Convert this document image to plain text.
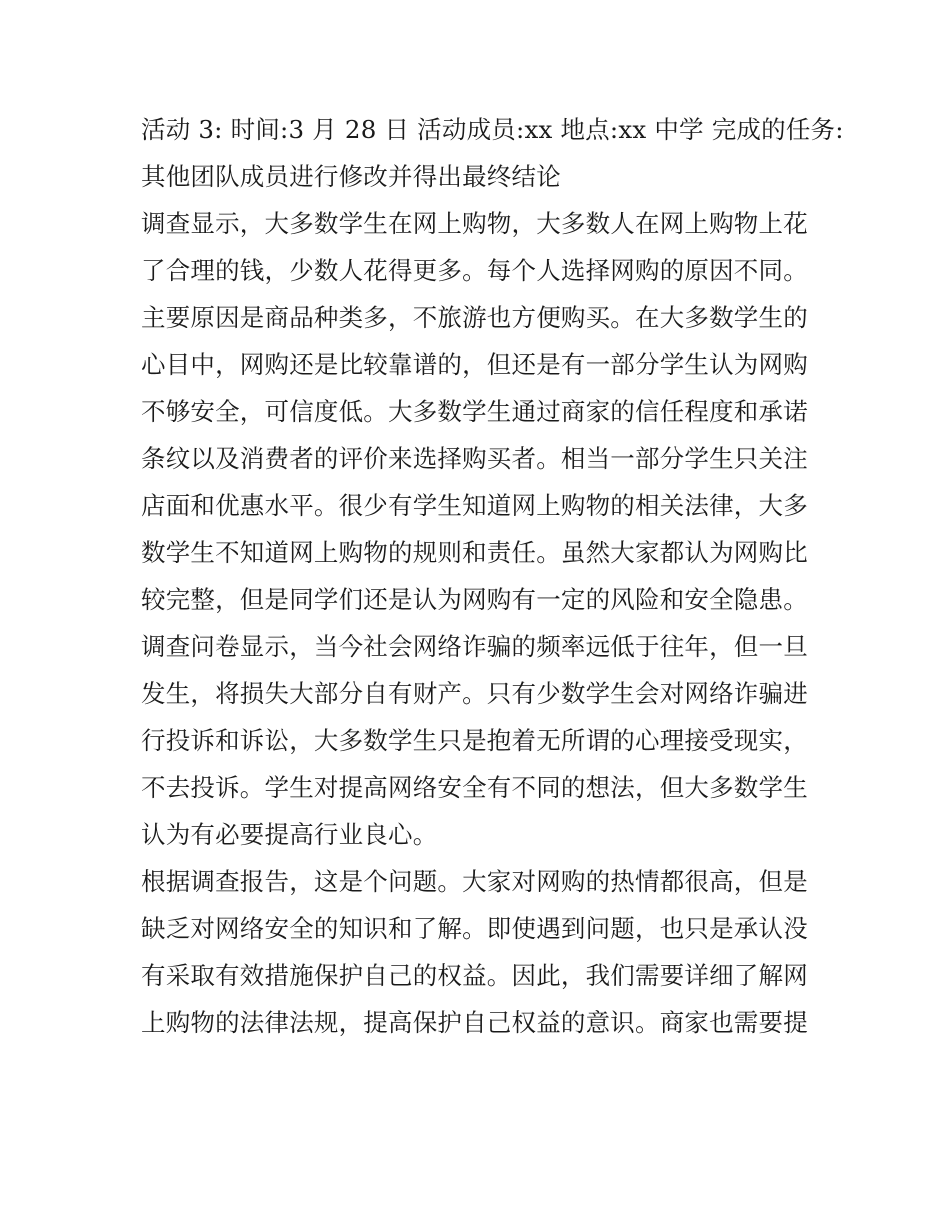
活动 3: 时间:3 月 28 日 活动成员:xx 地点:xx 中学 完成的任务:
其他团队成员进行修改并得出最终结论
调查显示，大多数学生在网上购物，大多数人在网上购物上花
了合理的钱，少数人花得更多。每个人选择网购的原因不同。
主要原因是商品种类多，不旅游也方便购买。在大多数学生的
心目中，网购还是比较靠谱的，但还是有一部分学生认为网购
不够安全，可信度低。大多数学生通过商家的信任程度和承诺
条纹以及消费者的评价来选择购买者。相当一部分学生只关注
店面和优惠水平。很少有学生知道网上购物的相关法律，大多
数学生不知道网上购物的规则和责任。虽然大家都认为网购比
较完整，但是同学们还是认为网购有一定的风险和安全隐患。
调查问卷显示，当今社会网络诈骗的频率远低于往年，但一旦
发生，将损失大部分自有财产。只有少数学生会对网络诈骗进
行投诉和诉讼，大多数学生只是抱着无所谓的心理接受现实，
不去投诉。学生对提高网络安全有不同的想法，但大多数学生
认为有必要提高行业良心。
根据调查报告，这是个问题。大家对网购的热情都很高，但是
缺乏对网络安全的知识和了解。即使遇到问题，也只是承认没
有采取有效措施保护自己的权益。因此，我们需要详细了解网
上购物的法律法规，提高保护自己权益的意识。商家也需要提
